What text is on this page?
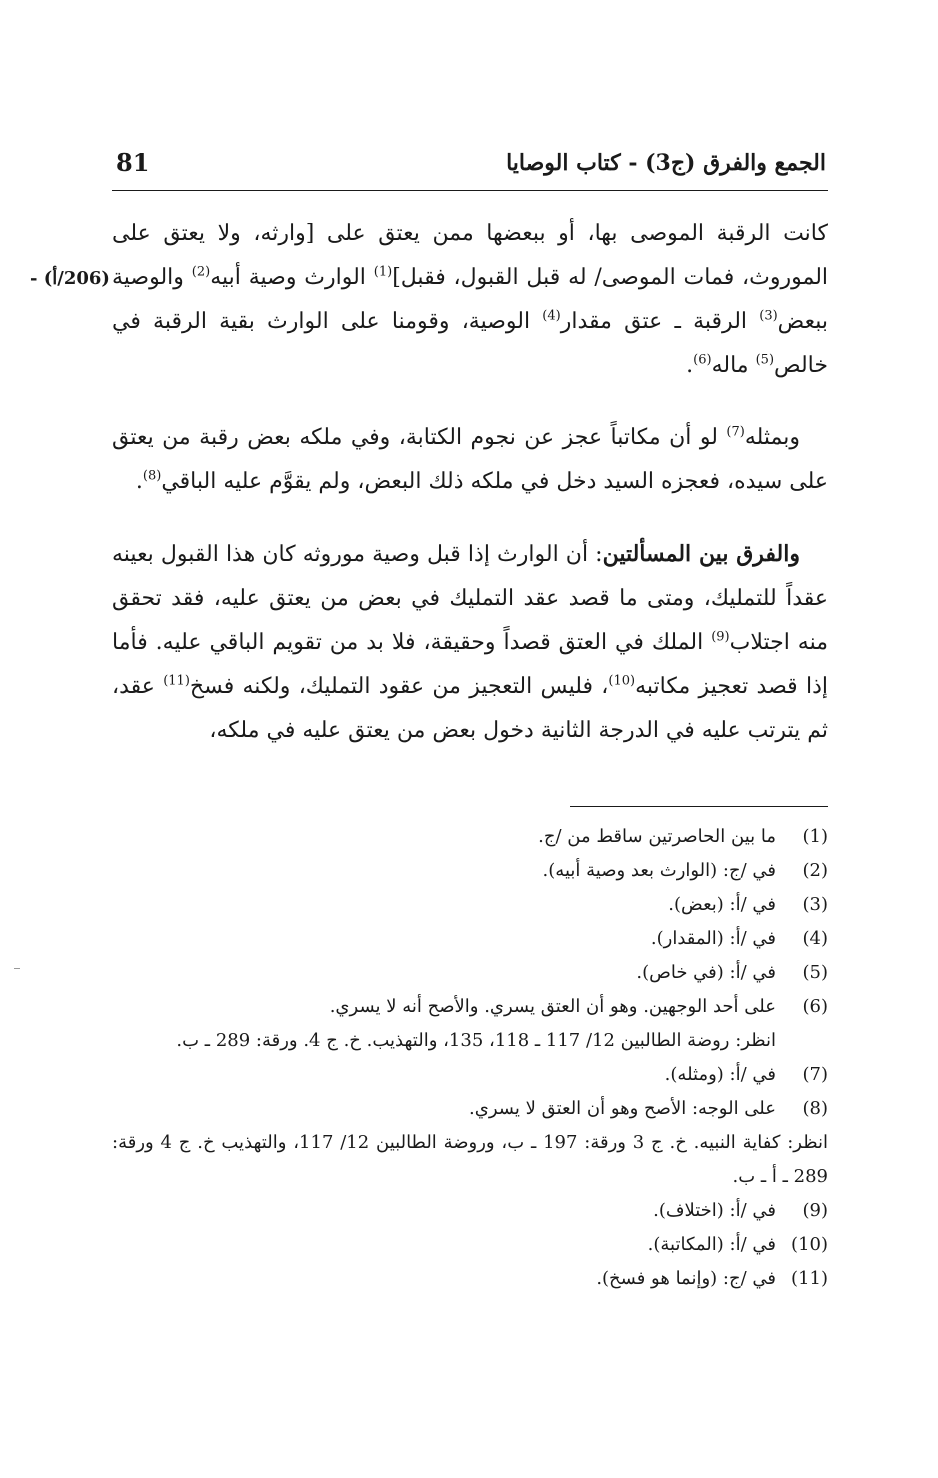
الجمع والفرق (ج3) - كتاب الوصايا
81
(206/أ) -

كانت الرقبة الموصى بها، أو ببعضها ممن يعتق على [وارثه، ولا يعتق على الموروث، فمات الموصى/ له قبل القبول، فقبل]$^{(1)}$ الوارث وصية أبيه$^{(2)}$ والوصية ببعض$^{(3)}$ الرقبة ـ عتق مقدار$^{(4)}$ الوصية، وقومنا على الوارث بقية الرقبة في خالص$^{(5)}$ ماله$^{(6)}$.

وبمثله$^{(7)}$ لو أن مكاتباً عجز عن نجوم الكتابة، وفي ملكه بعض رقبة من يعتق على سيده، فعجزه السيد دخل في ملكه ذلك البعض، ولم يقوَّم عليه الباقي$^{(8)}$.

والفرق بين المسألتين: أن الوارث إذا قبل وصية موروثه كان هذا القبول بعينه عقداً للتمليك، ومتى ما قصد عقد التمليك في بعض من يعتق عليه، فقد تحقق منه اجتلاب$^{(9)}$ الملك في العتق قصداً وحقيقة، فلا بد من تقويم الباقي عليه. فأما إذا قصد تعجيز مكاتبه$^{(10)}$، فليس التعجيز من عقود التمليك، ولكنه فسخ$^{(11)}$ عقد، ثم يترتب عليه في الدرجة الثانية دخول بعض من يعتق عليه في ملكه،

(1)
ما بين الحاصرتين ساقط من /ج.
(2)
في /ج: (الوارث بعد وصية أبيه).
(3)
في /أ: (بعض).
(4)
في /أ: (المقدار).
(5)
في /أ: (في خاص).
(6)
على أحد الوجهين. وهو أن العتق يسري. والأصح أنه لا يسري.
انظر: روضة الطالبين 12/ 117 ـ 118، 135، والتهذيب. خ. ج 4. ورقة: 289 ـ ب.
(7)
في /أ: (ومثله).
(8)
على الوجه: الأصح وهو أن العتق لا يسري.
انظر: كفاية النبيه. خ. ج 3 ورقة: 197 ـ ب، وروضة الطالبين 12/ 117، والتهذيب خ. ج 4 ورقة: 289 ـ أ ـ ب.
(9)
في /أ: (اختلاف).
(10)
في /أ: (المكاتبة).
(11)
في /ج: (وإنما هو فسخ).
